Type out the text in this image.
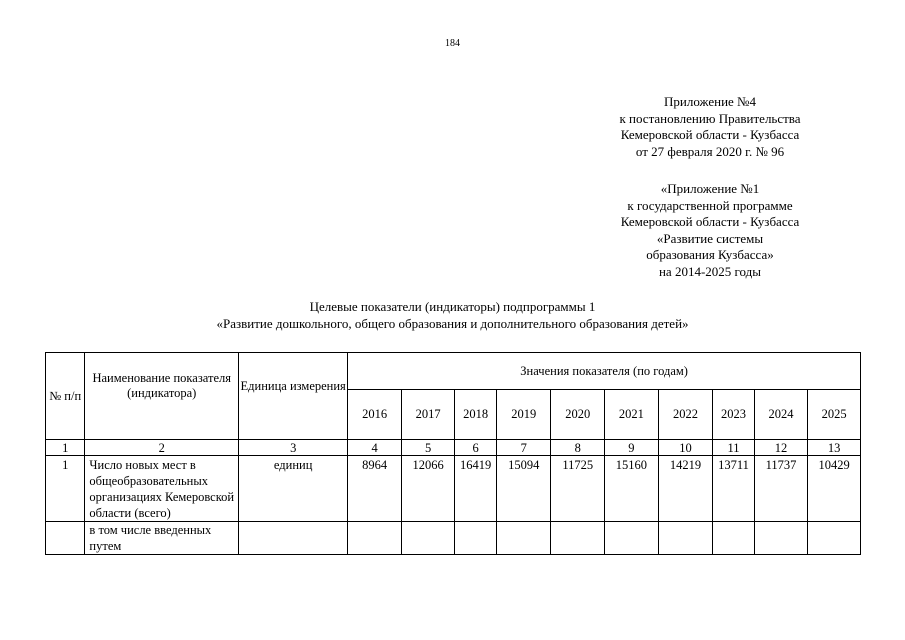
184
Приложение №4
к постановлению Правительства
Кемеровской области - Кузбасса
от 27 февраля 2020 г. № 96
«Приложение №1
к государственной программе
Кемеровской области - Кузбасса
«Развитие системы
образования Кузбасса»
на 2014-2025 годы
Целевые показатели (индикаторы) подпрограммы 1
«Развитие дошкольного, общего образования и дополнительного образования детей»
№ п/п	Наименование показателя (индикатора)	Единица измерения	Значения показателя (по годам)									
			2016	2017	2018	2019	2020	2021	2022	2023	2024	2025
1	2	3	4	5	6	7	8	9	10	11	12	13
1	Число новых мест в общеобразовательных организациях Кемеровской области (всего)	единиц	8964	12066	16419	15094	11725	15160	14219	13711	11737	10429
	в том числе введенных путем											
